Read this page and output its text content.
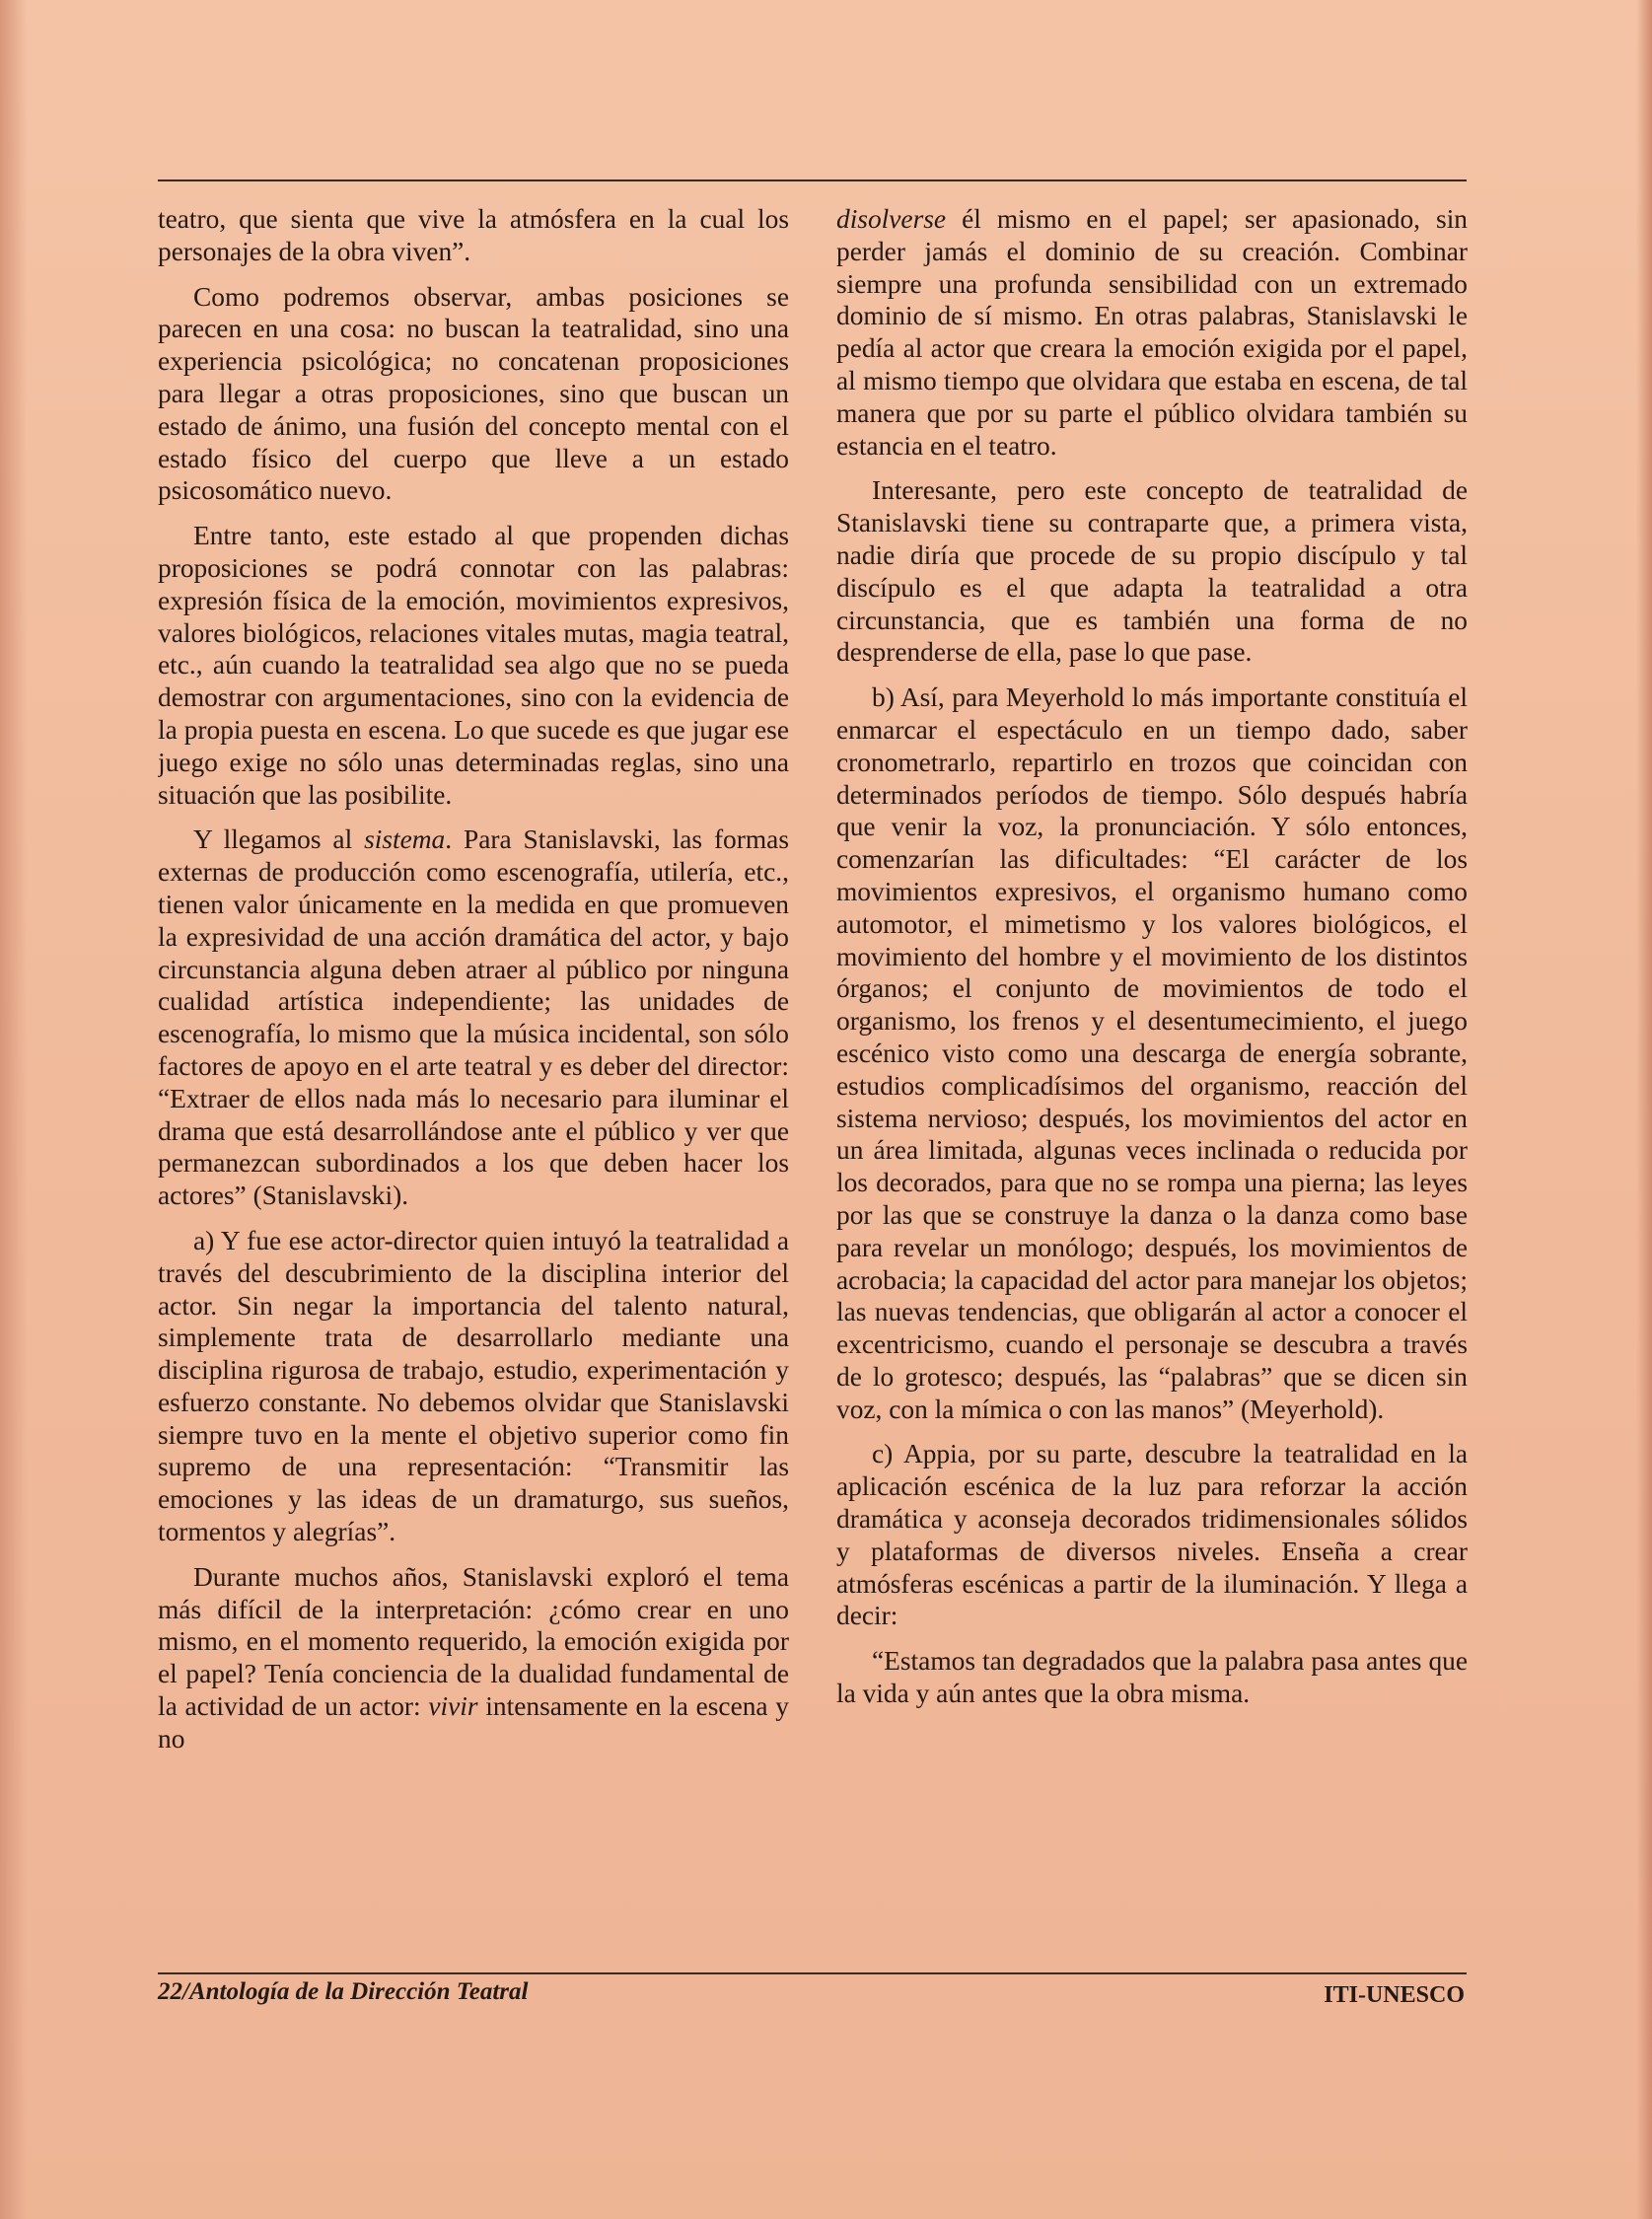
teatro, que sienta que vive la atmósfera en la cual los personajes de la obra viven”.

Como podremos observar, ambas posiciones se parecen en una cosa: no buscan la teatralidad, sino una experiencia psicológica; no concatenan proposiciones para llegar a otras proposiciones, sino que buscan un estado de ánimo, una fusión del concepto mental con el estado físico del cuerpo que lleve a un estado psicosomático nuevo.

Entre tanto, este estado al que propenden dichas proposiciones se podrá connotar con las palabras: expresión física de la emoción, movimientos expresivos, valores biológicos, relaciones vitales mutas, magia teatral, etc., aún cuando la teatralidad sea algo que no se pueda demostrar con argumentaciones, sino con la evidencia de la propia puesta en escena. Lo que sucede es que jugar ese juego exige no sólo unas determinadas reglas, sino una situación que las posibilite.

Y llegamos al sistema. Para Stanislavski, las formas externas de producción como escenografía, utilería, etc., tienen valor únicamente en la medida en que promueven la expresividad de una acción dramática del actor, y bajo circunstancia alguna deben atraer al público por ninguna cualidad artística independiente; las unidades de escenografía, lo mismo que la música incidental, son sólo factores de apoyo en el arte teatral y es deber del director: “Extraer de ellos nada más lo necesario para iluminar el drama que está desarrollándose ante el público y ver que permanezcan subordinados a los que deben hacer los actores” (Stanislavski).

a) Y fue ese actor-director quien intuyó la teatralidad a través del descubrimiento de la disciplina interior del actor. Sin negar la importancia del talento natural, simplemente trata de desarrollarlo mediante una disciplina rigurosa de trabajo, estudio, experimentación y esfuerzo constante. No debemos olvidar que Stanislavski siempre tuvo en la mente el objetivo superior como fin supremo de una representación: “Transmitir las emociones y las ideas de un dramaturgo, sus sueños, tormentos y alegrías”.

Durante muchos años, Stanislavski exploró el tema más difícil de la interpretación: ¿cómo crear en uno mismo, en el momento requerido, la emoción exigida por el papel? Tenía conciencia de la dualidad fundamental de la actividad de un actor: vivir intensamente en la escena y no

disolverse él mismo en el papel; ser apasionado, sin perder jamás el dominio de su creación. Combinar siempre una profunda sensibilidad con un extremado dominio de sí mismo. En otras palabras, Stanislavski le pedía al actor que creara la emoción exigida por el papel, al mismo tiempo que olvidara que estaba en escena, de tal manera que por su parte el público olvidara también su estancia en el teatro.

Interesante, pero este concepto de teatralidad de Stanislavski tiene su contraparte que, a primera vista, nadie diría que procede de su propio discípulo y tal discípulo es el que adapta la teatralidad a otra circunstancia, que es también una forma de no desprenderse de ella, pase lo que pase.

b) Así, para Meyerhold lo más importante constituía el enmarcar el espectáculo en un tiempo dado, saber cronometrarlo, repartirlo en trozos que coincidan con determinados períodos de tiempo. Sólo después habría que venir la voz, la pronunciación. Y sólo entonces, comenzarían las dificultades: “El carácter de los movimientos expresivos, el organismo humano como automotor, el mimetismo y los valores biológicos, el movimiento del hombre y el movimiento de los distintos órganos; el conjunto de movimientos de todo el organismo, los frenos y el desentumecimiento, el juego escénico visto como una descarga de energía sobrante, estudios complicadísimos del organismo, reacción del sistema nervioso; después, los movimientos del actor en un área limitada, algunas veces inclinada o reducida por los decorados, para que no se rompa una pierna; las leyes por las que se construye la danza o la danza como base para revelar un monólogo; después, los movimientos de acrobacia; la capacidad del actor para manejar los objetos; las nuevas tendencias, que obligarán al actor a conocer el excentricismo, cuando el personaje se descubra a través de lo grotesco; después, las “palabras” que se dicen sin voz, con la mímica o con las manos” (Meyerhold).

c) Appia, por su parte, descubre la teatralidad en la aplicación escénica de la luz para reforzar la acción dramática y aconseja decorados tridimensionales sólidos y plataformas de diversos niveles. Enseña a crear atmósferas escénicas a partir de la iluminación. Y llega a decir:

“Estamos tan degradados que la palabra pasa antes que la vida y aún antes que la obra misma.

22/Antología de la Dirección Teatral	ITI-UNESCO
